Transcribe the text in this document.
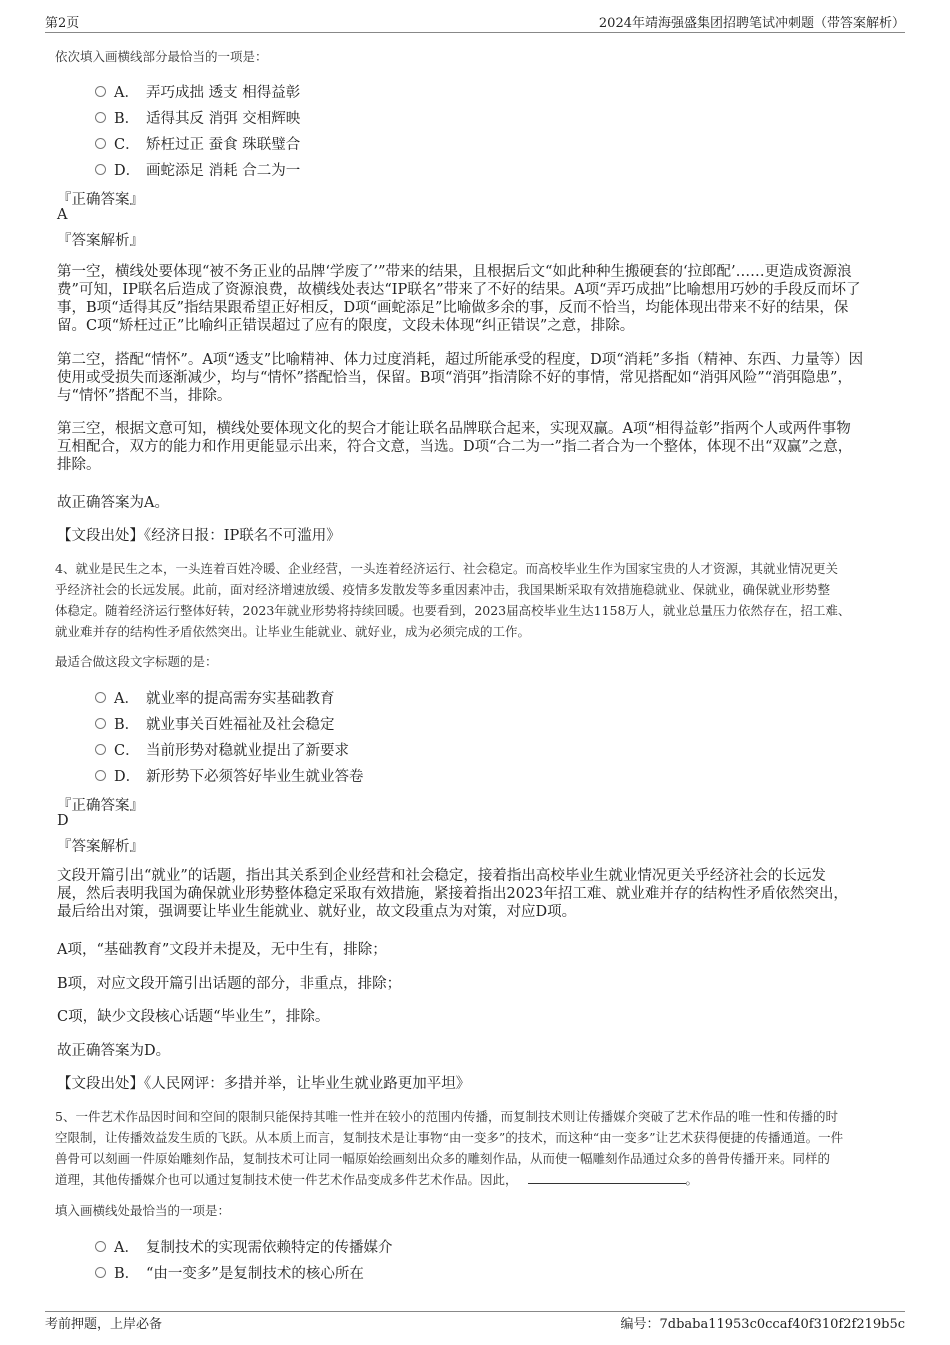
第2页	2024年靖海强盛集团招聘笔试冲刺题（带答案解析）
依次填入画横线部分最恰当的一项是：
A． 弄巧成拙 透支 相得益彰
B． 适得其反 消弭 交相辉映
C． 矫枉过正 蚕食 珠联璧合
D． 画蛇添足 消耗 合二为一
『正确答案』
A
『答案解析』
第一空，横线处要体现“被不务正业的品牌‘学废了’”带来的结果，且根据后文“如此种种生搬硬套的‘拉郎配’……更造成资源浪
费”可知，IP联名后造成了资源浪费，故横线处表达“IP联名”带来了不好的结果。A项“弄巧成拙”比喻想用巧妙的手段反而坏了
事，B项“适得其反”指结果跟希望正好相反，D项“画蛇添足”比喻做多余的事，反而不恰当，均能体现出带来不好的结果，保
留。C项“矫枉过正”比喻纠正错误超过了应有的限度，文段未体现“纠正错误”之意，排除。
第二空，搭配“情怀”。A项“透支”比喻精神、体力过度消耗，超过所能承受的程度，D项“消耗”多指（精神、东西、力量等）因
使用或受损失而逐渐减少，均与“情怀”搭配恰当，保留。B项“消弭”指清除不好的事情，常见搭配如“消弭风险”“消弭隐患”，
与“情怀”搭配不当，排除。
第三空，根据文意可知，横线处要体现文化的契合才能让联名品牌联合起来，实现双赢。A项“相得益彰”指两个人或两件事物
互相配合，双方的能力和作用更能显示出来，符合文意，当选。D项“合二为一”指二者合为一个整体，体现不出“双赢”之意，
排除。
故正确答案为A。
【文段出处】《经济日报：IP联名不可滥用》
4、就业是民生之本，一头连着百姓冷暖、企业经营，一头连着经济运行、社会稳定。而高校毕业生作为国家宝贵的人才资源，其就业情况更关
乎经济社会的长远发展。此前，面对经济增速放缓、疫情多发散发等多重因素冲击，我国果断采取有效措施稳就业、保就业，确保就业形势整
体稳定。随着经济运行整体好转，2023年就业形势将持续回暖。也要看到，2023届高校毕业生达1158万人，就业总量压力依然存在，招工难、
就业难并存的结构性矛盾依然突出。让毕业生能就业、就好业，成为必须完成的工作。
最适合做这段文字标题的是：
A． 就业率的提高需夯实基础教育
B． 就业事关百姓福祉及社会稳定
C． 当前形势对稳就业提出了新要求
D． 新形势下必须答好毕业生就业答卷
『正确答案』
D
『答案解析』
文段开篇引出“就业”的话题，指出其关系到企业经营和社会稳定，接着指出高校毕业生就业情况更关乎经济社会的长远发
展，然后表明我国为确保就业形势整体稳定采取有效措施，紧接着指出2023年招工难、就业难并存的结构性矛盾依然突出，
最后给出对策，强调要让毕业生能就业、就好业，故文段重点为对策，对应D项。
A项，“基础教育”文段并未提及，无中生有，排除；
B项，对应文段开篇引出话题的部分，非重点，排除；
C项，缺少文段核心话题“毕业生”，排除。
故正确答案为D。
【文段出处】《人民网评：多措并举，让毕业生就业路更加平坦》
5、一件艺术作品因时间和空间的限制只能保持其唯一性并在较小的范围内传播，而复制技术则让传播媒介突破了艺术作品的唯一性和传播的时
空限制，让传播效益发生质的飞跃。从本质上而言，复制技术是让事物“由一变多”的技术，而这种“由一变多”让艺术获得便捷的传播通道。一件
兽骨可以刻画一件原始雕刻作品，复制技术可让同一幅原始绘画刻出众多的雕刻作品，从而使一幅雕刻作品通过众多的兽骨传播开来。同样的
道理，其他传播媒介也可以通过复制技术使一件艺术作品变成多件艺术作品。因此，	。
填入画横线处最恰当的一项是：
A． 复制技术的实现需依赖特定的传播媒介
B． “由一变多”是复制技术的核心所在
考前押题，上岸必备	编号：7dbaba11953c0ccaf40f310f2f219b5c
